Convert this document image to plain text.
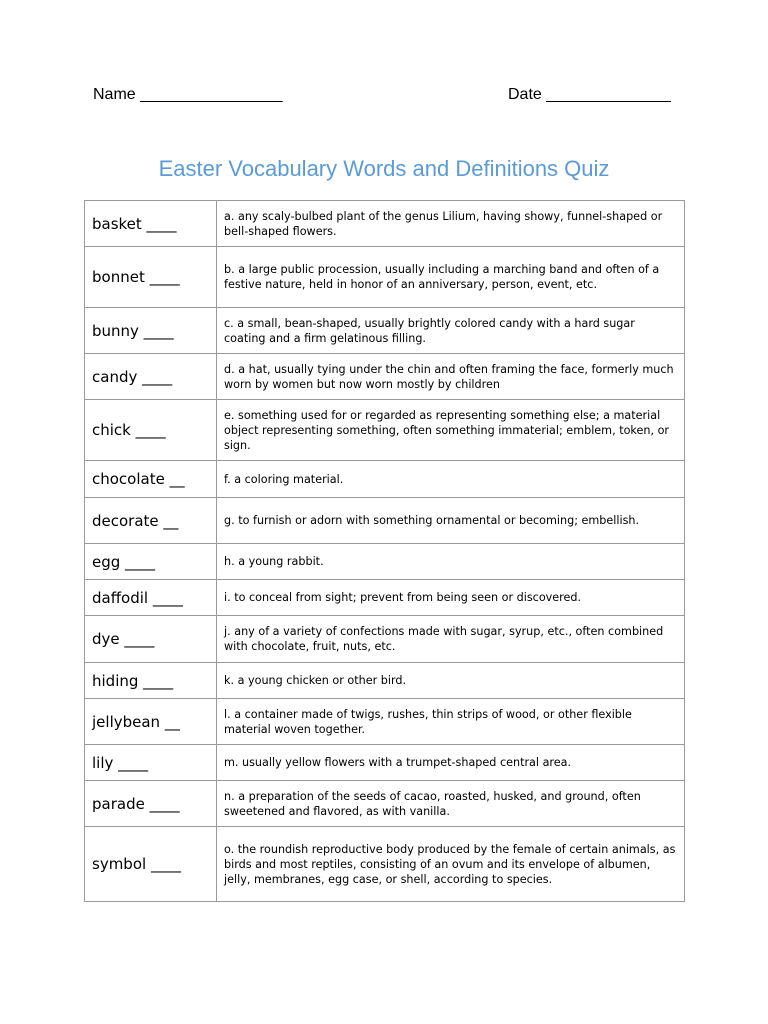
Name ________________	Date ______________
Easter Vocabulary Words and Definitions Quiz
basket ____	a. any scaly-bulbed plant of the genus Lilium, having showy, funnel-shaped or bell-shaped flowers.
bonnet ____	b. a large public procession, usually including a marching band and often of a festive nature, held in honor of an anniversary, person, event, etc.
bunny ____	c. a small, bean-shaped, usually brightly colored candy with a hard sugar coating and a firm gelatinous filling.
candy ____	d. a hat, usually tying under the chin and often framing the face, formerly much worn by women but now worn mostly by children
chick ____	e. something used for or regarded as representing something else; a material object representing something, often something immaterial; emblem, token, or sign.
chocolate __	f. a coloring material.
decorate __	g. to furnish or adorn with something ornamental or becoming; embellish.
egg ____	h. a young rabbit.
daffodil ____	i. to conceal from sight; prevent from being seen or discovered.
dye ____	j. any of a variety of confections made with sugar, syrup, etc., often combined with chocolate, fruit, nuts, etc.
hiding ____	k. a young chicken or other bird.
jellybean __	l. a container made of twigs, rushes, thin strips of wood, or other flexible material woven together.
lily ____	m. usually yellow flowers with a trumpet-shaped central area.
parade ____	n. a preparation of the seeds of cacao, roasted, husked, and ground, often sweetened and flavored, as with vanilla.
symbol ____	o. the roundish reproductive body produced by the female of certain animals, as birds and most reptiles, consisting of an ovum and its envelope of albumen, jelly, membranes, egg case, or shell, according to species.
